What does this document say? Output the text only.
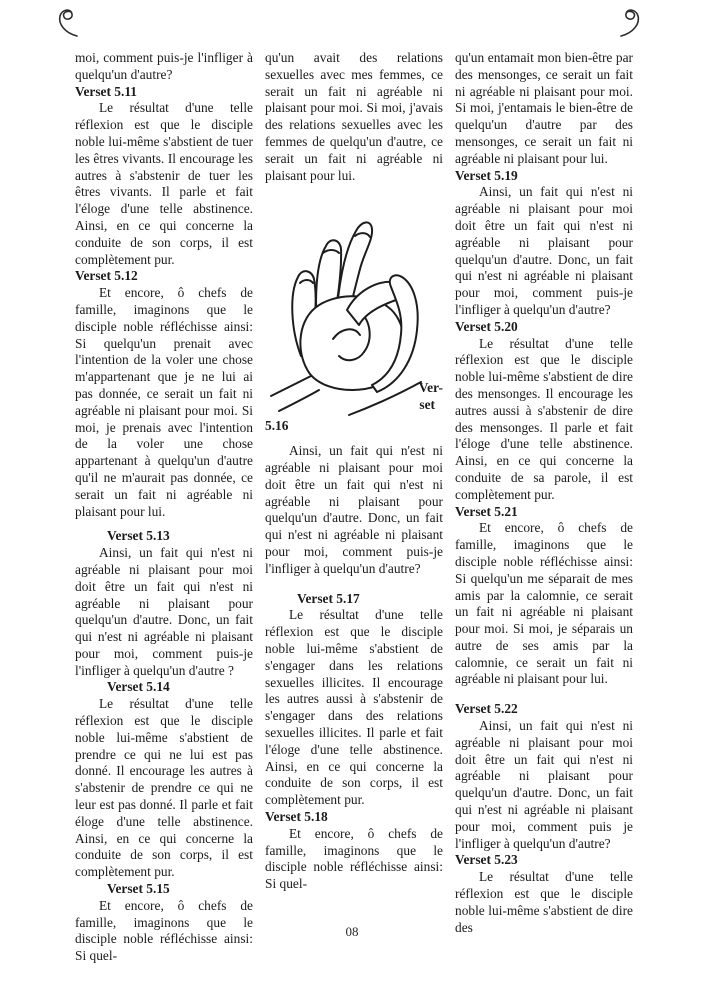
moi, comment puis-je l'infliger à quelqu'un d'autre?

Verset 5.11

Le résultat d'une telle réflexion est que le disciple noble lui-même s'abstient de tuer les êtres vivants. Il encourage les autres à s'abstenir de tuer les êtres vivants. Il parle et fait l'éloge d'une telle abstinence. Ainsi, en ce qui concerne la conduite de son corps, il est complètement pur.

Verset 5.12

Et encore, ô chefs de famille, imaginons que le disciple noble réfléchisse ainsi: Si quelqu'un prenait avec l'intention de la voler une chose m'appartenant que je ne lui ai pas donnée, ce serait un fait ni agréable ni plaisant pour moi. Si moi, je prenais avec l'intention de la voler une chose appartenant à quelqu'un d'autre qu'il ne m'aurait pas donnée, ce serait un fait ni agréable ni plaisant pour lui.

Verset 5.13

Ainsi, un fait qui n'est ni agréable ni plaisant pour moi doit être un fait qui n'est ni agréable ni plaisant pour quelqu'un d'autre. Donc, un fait qui n'est ni agréable ni plaisant pour moi, comment puis-je l'infliger à quelqu'un d'autre ?

Verset 5.14

Le résultat d'une telle réflexion est que le disciple noble lui-même s'abstient de prendre ce qui ne lui est pas donné. Il encourage les autres à s'abstenir de prendre ce qui ne leur est pas donné. Il parle et fait éloge d'une telle abstinence. Ainsi, en ce qui concerne la conduite de son corps, il est complètement pur.

Verset 5.15

Et encore, ô chefs de famille, imaginons que le disciple noble réfléchisse ainsi: Si quel-

qu'un avait des relations sexuelles avec mes femmes, ce serait un fait ni agréable ni plaisant pour moi. Si moi, j'avais des relations sexuelles avec les femmes de quelqu'un d'autre, ce serait un fait ni agréable ni plaisant pour lui.

Ver-
set

5.16

Ainsi, un fait qui n'est ni agréable ni plaisant pour moi doit être un fait qui n'est ni agréable ni plaisant pour quelqu'un d'autre. Donc, un fait qui n'est ni agréable ni plaisant pour moi, comment puis-je l'infliger à quelqu'un d'autre?

Verset 5.17

Le résultat d'une telle réflexion est que le disciple noble lui-même s'abstient de s'engager dans les relations sexuelles illicites. Il encourage les autres aussi à s'abstenir de s'engager dans des relations sexuelles illicites. Il parle et fait l'éloge d'une telle abstinence. Ainsi, en ce qui concerne la conduite de son corps, il est complètement pur.

Verset 5.18

Et encore, ô chefs de famille, imaginons que le disciple noble réfléchisse ainsi: Si quel-

qu'un entamait mon bien-être par des mensonges, ce serait un fait ni agréable ni plaisant pour moi. Si moi, j'entamais le bien-être de quelqu'un d'autre par des mensonges, ce serait un fait ni agréable ni plaisant pour lui.

Verset 5.19

Ainsi, un fait qui n'est ni agréable ni plaisant pour moi doit être un fait qui n'est ni agréable ni plaisant pour quelqu'un d'autre. Donc, un fait qui n'est ni agréable ni plaisant pour moi, comment puis-je l'infliger à quelqu'un d'autre?

Verset 5.20

Le résultat d'une telle réflexion est que le disciple noble lui-même s'abstient de dire des mensonges. Il encourage les autres aussi à s'abstenir de dire des mensonges. Il parle et fait l'éloge d'une telle abstinence. Ainsi, en ce qui concerne la conduite de sa parole, il est complètement pur.

Verset 5.21

Et encore, ô chefs de famille, imaginons que le disciple noble réfléchisse ainsi: Si quelqu'un me séparait de mes amis par la calomnie, ce serait un fait ni agréable ni plaisant pour moi. Si moi, je séparais un autre de ses amis par la calomnie, ce serait un fait ni agréable ni plaisant pour lui.

Verset 5.22

Ainsi, un fait qui n'est ni agréable ni plaisant pour moi doit être un fait qui n'est ni agréable ni plaisant pour quelqu'un d'autre. Donc, un fait qui n'est ni agréable ni plaisant pour moi, comment puis je l'infliger à quelqu'un d'autre?

Verset 5.23

Le résultat d'une telle réflexion est que le disciple noble lui-même s'abstient de dire des

08
